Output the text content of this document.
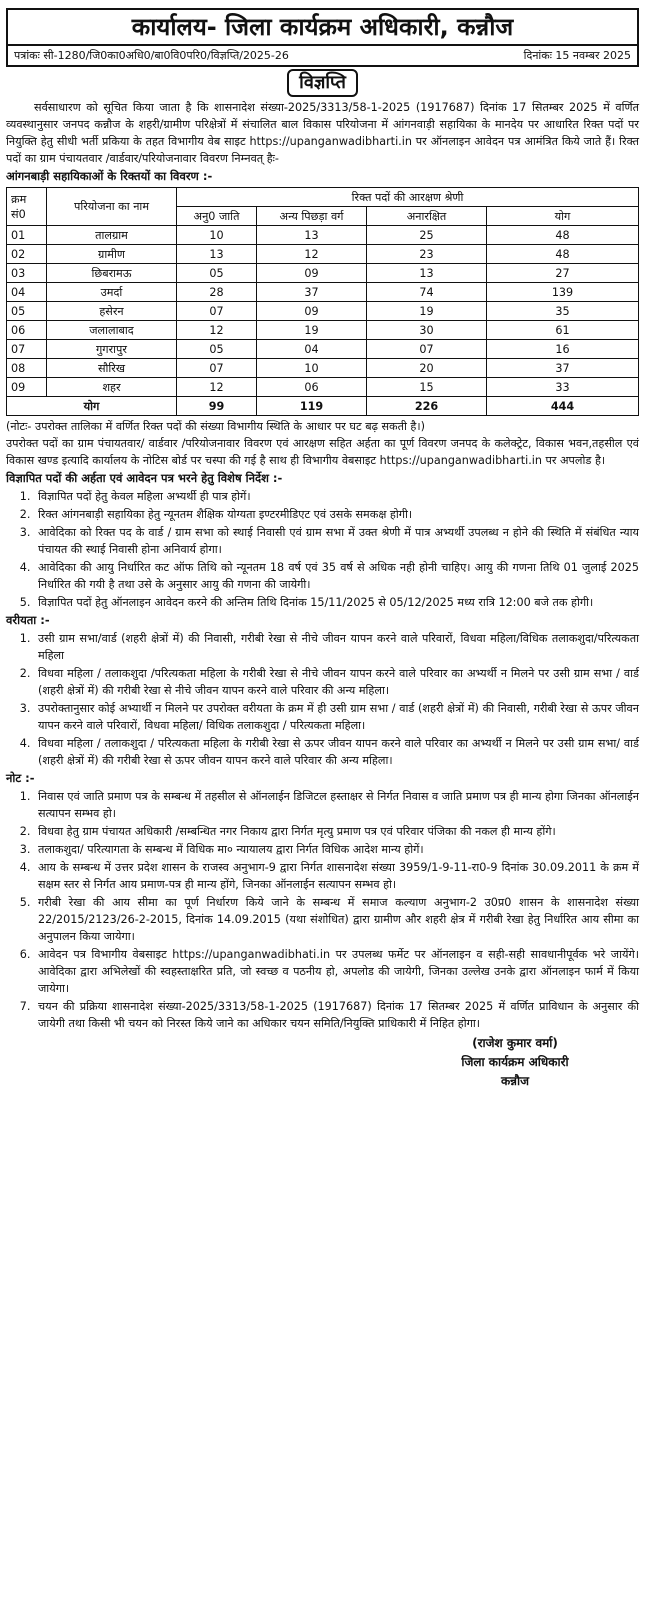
कार्यालय- जिला कार्यक्रम अधिकारी, कन्नौज
पत्रांकः सी-1280/जि0का0अधि0/बा0वि0परि0/विज्ञप्ति/2025-26	दिनांकः 15 नवम्बर 2025
विज्ञप्ति

सर्वसाधारण को सूचित किया जाता है कि शासनादेश संख्या-2025/3313/58-1-2025 (1917687) दिनांक 17 सितम्बर 2025 में वर्णित व्यवस्थानुसार जनपद कन्नौज के शहरी/ग्रामीण परिक्षेत्रों में संचालित बाल विकास परियोजना में आंगनवाड़ी सहायिका के मानदेय पर आधारित रिक्त पदों पर नियुक्ति हेतु सीधी भर्ती प्रकिया के तहत विभागीय वेब साइट https://upanganwadibharti.in पर ऑनलाइन आवेदन पत्र आमंत्रित किये जाते हैं। रिक्त पदों का ग्राम पंचायतवार /वार्डवार/परियोजनावार विवरण निम्नवत् हैः-

आंगनबाड़ी सहायिकाओं के रिक्तयों का विवरण :-
क्रम सं0	परियोजना का नाम	रिक्त पदों की आरक्षण श्रेणी			
		अनु0 जाति	अन्य पिछड़ा वर्ग	अनारक्षित	योग
01	तालग्राम	10	13	25	48
02	ग्रामीण	13	12	23	48
03	छिबरामऊ	05	09	13	27
04	उमर्दा	28	37	74	139
05	हसेरन	07	09	19	35
06	जलालाबाद	12	19	30	61
07	गुगरापुर	05	04	07	16
08	सौरिख	07	10	20	37
09	शहर	12	06	15	33
योग		99	119	226	444

(नोटः- उपरोक्त तालिका में वर्णित रिक्त पदों की संख्या विभागीय स्थिति के आधार पर घट बढ़ सकती है।)

उपरोक्त पदों का ग्राम पंचायतवार/ वार्डवार /परियोजनावार विवरण एवं आरक्षण सहित अर्हता का पूर्ण विवरण जनपद के कलेक्ट्रेट, विकास भवन,तहसील एवं विकास खण्ड इत्यादि कार्यालय के नोटिस बोर्ड पर चस्पा की गई है साथ ही विभागीय वेबसाइट https://upanganwadibharti.in पर अपलोड है।

विज्ञापित पदों की अर्हता एवं आवेदन पत्र भरने हेतु विशेष निर्देश :-
1. विज्ञापित पदों हेतु केवल महिला अभ्यर्थी ही पात्र होगें।
2. रिक्त आंगनबाड़ी सहायिका हेतु न्यूनतम शैक्षिक योग्यता इण्टरमीडिएट एवं उसके समकक्ष होगी।
3. आवेदिका को रिक्त पद के वार्ड / ग्राम सभा को स्थाई निवासी एवं ग्राम सभा में उक्त श्रेणी में पात्र अभ्यर्थी उपलब्ध न होने की स्थिति में संबंधित न्याय पंचायत की स्थाई निवासी होना अनिवार्य होगा।
4. आवेदिका की आयु निर्धारित कट ऑफ तिथि को न्यूनतम 18 वर्ष एवं 35 वर्ष से अधिक नही होनी चाहिए। आयु की गणना तिथि 01 जुलाई 2025 निर्धारित की गयी है तथा उसे के अनुसार आयु की गणना की जायेगी।
5. विज्ञापित पदों हेतु ऑनलाइन आवेदन करने की अन्तिम तिथि दिनांक 15/11/2025 से 05/12/2025 मध्य रात्रि 12:00 बजे तक होगी।
वरीयता :-
1. उसी ग्राम सभा/वार्ड (शहरी क्षेत्रों में) की निवासी, गरीबी रेखा से नीचे जीवन यापन करने वाले परिवारों, विधवा महिला/विधिक तलाकशुदा/परित्यकता महिला
2. विधवा महिला / तलाकशुदा /परित्यकता महिला के गरीबी रेखा से नीचे जीवन यापन करने वाले परिवार का अभ्यर्थी न मिलने पर उसी ग्राम सभा / वार्ड (शहरी क्षेत्रों में) की गरीबी रेखा से नीचे जीवन यापन करने वाले परिवार की अन्य महिला।
3. उपरोक्तानुसार कोई अभ्यार्थी न मिलने पर उपरोक्त वरीयता के क्रम में ही उसी ग्राम सभा / वार्ड (शहरी क्षेत्रों में) की निवासी, गरीबी रेखा से ऊपर जीवन यापन करने वाले परिवारों, विधवा महिला/ विधिक तलाकशुदा / परित्यकता महिला।
4. विधवा महिला / तलाकशुदा / परित्यकता महिला के गरीबी रेखा से ऊपर जीवन यापन करने वाले परिवार का अभ्यर्थी न मिलने पर उसी ग्राम सभा/ वार्ड (शहरी क्षेत्रों में) की गरीबी रेखा से ऊपर जीवन यापन करने वाले परिवार की अन्य महिला।
नोट :-
1. निवास एवं जाति प्रमाण पत्र के सम्बन्ध में तहसील से ऑनलाईन डिजिटल हस्ताक्षर से निर्गत निवास व जाति प्रमाण पत्र ही मान्य होगा जिनका ऑनलाईन सत्यापन सम्भव हो।
2. विधवा हेतु ग्राम पंचायत अधिकारी /सम्बन्धित नगर निकाय द्वारा निर्गत मृत्यु प्रमाण पत्र एवं परिवार पंजिका की नकल ही मान्य होंगे।
3. तलाकशुदा/ परित्यागता के सम्बन्ध में विधिक मा० न्यायालय द्वारा निर्गत विधिक आदेश मान्य होगें।
4. आय के सम्बन्ध में उत्तर प्रदेश शासन के राजस्व अनुभाग-9 द्वारा निर्गत शासनादेश संख्या 3959/1-9-11-रा0-9 दिनांक 30.09.2011 के क्रम में सक्षम स्तर से निर्गत आय प्रमाण-पत्र ही मान्य होंगे, जिनका ऑनलाईन सत्यापन सम्भव हो।
5. गरीबी रेखा की आय सीमा का पूर्ण निर्धारण किये जाने के सम्बन्ध में समाज कल्याण अनुभाग-2 उ0प्र0 शासन के शासनादेश संख्या 22/2015/2123/26-2-2015, दिनांक 14.09.2015 (यथा संशोधित) द्वारा ग्रामीण और शहरी क्षेत्र में गरीबी रेखा हेतु निर्धारित आय सीमा का अनुपालन किया जायेगा।
6. आवेदन पत्र विभागीय वेबसाइट https://upanganwadibhati.in पर उपलब्ध फर्मेट पर ऑनलाइन व सही-सही सावधानीपूर्वक भरे जायेंगे। आवेदिका द्वारा अभिलेखों की स्वहस्ताक्षरित प्रति, जो स्वच्छ व पठनीय हो, अपलोड की जायेगी, जिनका उल्लेख उनके द्वारा ऑनलाइन फार्म में किया जायेगा।
7. चयन की प्रक्रिया शासनादेश संख्या-2025/3313/58-1-2025 (1917687) दिनांक 17 सितम्बर 2025 में वर्णित प्राविधान के अनुसार की जायेगी तथा किसी भी चयन को निरस्त किये जाने का अधिकार चयन समिति/नियुक्ति प्राधिकारी में निहित होगा।
(राजेश कुमार वर्मा)
जिला कार्यक्रम अधिकारी
कन्नौज
